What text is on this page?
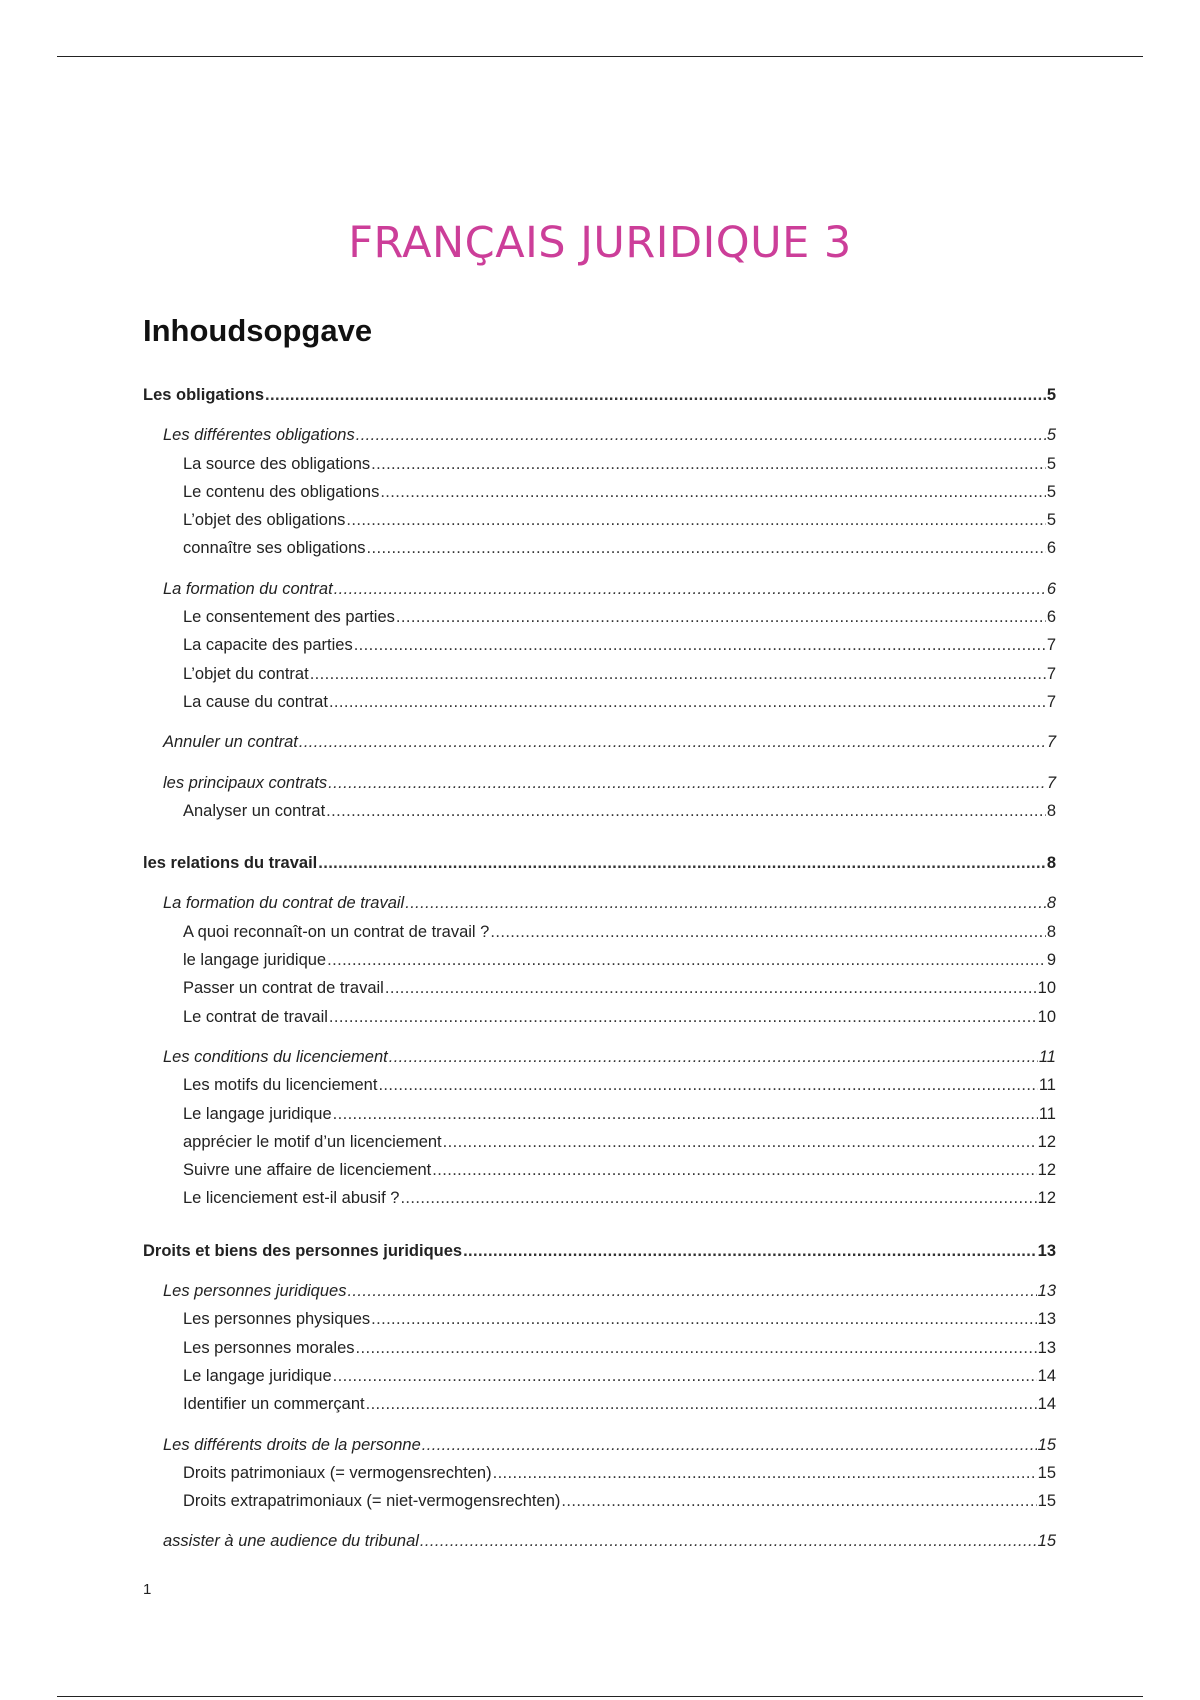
FRANÇAIS JURIDIQUE 3
Inhoudsopgave
Les obligations .....	5
Les différentes obligations .....	5
La source des obligations .....	5
Le contenu des obligations .....	5
L’objet des obligations .....	5
connaître ses obligations .....	6
La formation du contrat .....	6
Le consentement des parties .....	6
La capacite des parties .....	7
L’objet du contrat .....	7
La cause du contrat .....	7
Annuler un contrat .....	7
les principaux contrats .....	7
Analyser un contrat .....	8
les relations du travail .....	8
La formation du contrat de travail .....	8
A quoi reconnaît-on un contrat de travail ? .....	8
le langage juridique .....	9
Passer un contrat de travail .....	10
Le contrat de travail .....	10
Les conditions du licenciement .....	11
Les motifs du licenciement .....	11
Le langage juridique .....	11
apprécier le motif d’un licenciement .....	12
Suivre une affaire de licenciement .....	12
Le licenciement est-il abusif ? .....	12
Droits et biens des personnes juridiques .....	13
Les personnes juridiques .....	13
Les personnes physiques .....	13
Les personnes morales .....	13
Le langage juridique .....	14
Identifier un commerçant .....	14
Les différents droits de la personne .....	15
Droits patrimoniaux (= vermogensrechten) .....	15
Droits extrapatrimoniaux (= niet-vermogensrechten) .....	15
assister à une audience du tribunal .....	15
1
